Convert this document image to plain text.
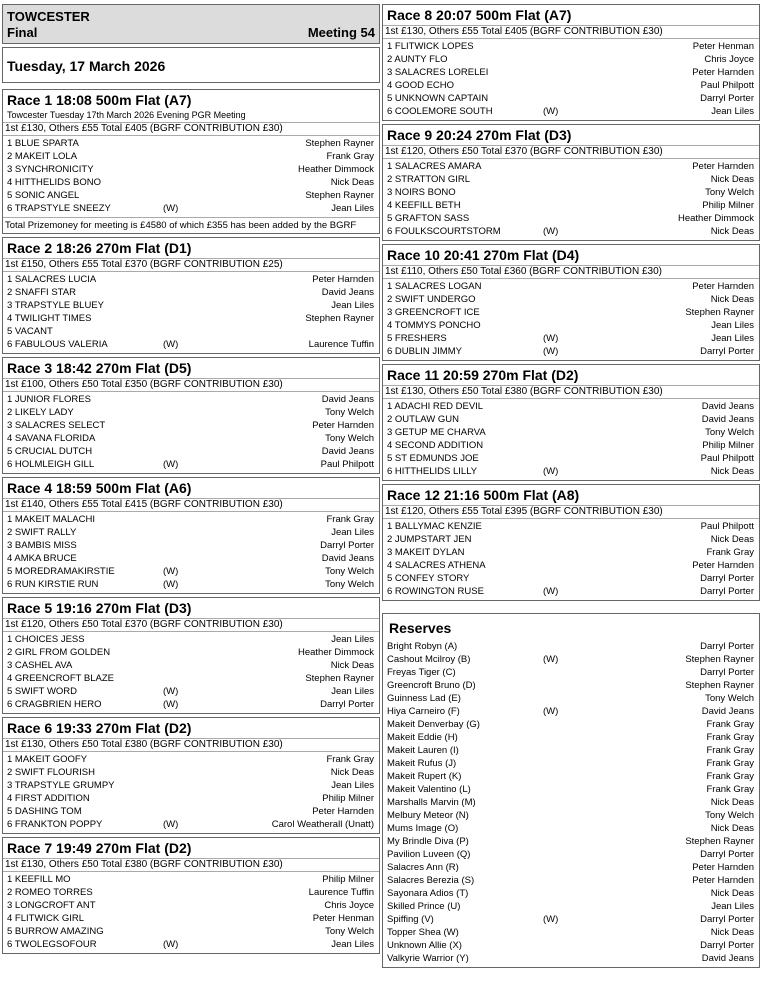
TOWCESTER
Final	Meeting 54
Tuesday, 17 March 2026
Race 1 18:08 500m Flat (A7)
Towcester Tuesday 17th March 2026 Evening PGR Meeting
1st £130, Others £55 Total £405 (BGRF CONTRIBUTION £30)
1 BLUE SPARTA	Stephen Rayner
2 MAKEIT LOLA	Frank Gray
3 SYNCHRONICITY	Heather Dimmock
4 HITTHELIDS BONO	Nick Deas
5 SONIC ANGEL	Stephen Rayner
6 TRAPSTYLE SNEEZY	(W)	Jean Liles
Total Prizemoney for meeting is £4580 of which £355 has been added by the BGRF
Race 2 18:26 270m Flat (D1)
1st £150, Others £55 Total £370 (BGRF CONTRIBUTION £25)
1 SALACRES LUCIA	Peter Harnden
2 SNAFFI STAR	David Jeans
3 TRAPSTYLE BLUEY	Jean Liles
4 TWILIGHT TIMES	Stephen Rayner
5 VACANT
6 FABULOUS VALERIA	(W)	Laurence Tuffin
Race 3 18:42 270m Flat (D5)
1st £100, Others £50 Total £350 (BGRF CONTRIBUTION £30)
1 JUNIOR FLORES	David Jeans
2 LIKELY LADY	Tony Welch
3 SALACRES SELECT	Peter Harnden
4 SAVANA FLORIDA	Tony Welch
5 CRUCIAL DUTCH	David Jeans
6 HOLMLEIGH GILL	(W)	Paul Philpott
Race 4 18:59 500m Flat (A6)
1st £140, Others £55 Total £415 (BGRF CONTRIBUTION £30)
1 MAKEIT MALACHI	Frank Gray
2 SWIFT RALLY	Jean Liles
3 BAMBIS MISS	Darryl Porter
4 AMKA BRUCE	David Jeans
5 MOREDRAMAKIRSTIE	(W)	Tony Welch
6 RUN KIRSTIE RUN	(W)	Tony Welch
Race 5 19:16 270m Flat (D3)
1st £120, Others £50 Total £370 (BGRF CONTRIBUTION £30)
1 CHOICES JESS	Jean Liles
2 GIRL FROM GOLDEN	Heather Dimmock
3 CASHEL AVA	Nick Deas
4 GREENCROFT BLAZE	Stephen Rayner
5 SWIFT WORD	(W)	Jean Liles
6 CRAGBRIEN HERO	(W)	Darryl Porter
Race 6 19:33 270m Flat (D2)
1st £130, Others £50 Total £380 (BGRF CONTRIBUTION £30)
1 MAKEIT GOOFY	Frank Gray
2 SWIFT FLOURISH	Nick Deas
3 TRAPSTYLE GRUMPY	Jean Liles
4 FIRST ADDITION	Philip Milner
5 DASHING TOM	Peter Harnden
6 FRANKTON POPPY	(W)	Carol Weatherall (Unatt)
Race 7 19:49 270m Flat (D2)
1st £130, Others £50 Total £380 (BGRF CONTRIBUTION £30)
1 KEEFILL MO	Philip Milner
2 ROMEO TORRES	Laurence Tuffin
3 LONGCROFT ANT	Chris Joyce
4 FLITWICK GIRL	Peter Henman
5 BURROW AMAZING	Tony Welch
6 TWOLEGSOFOUR	(W)	Jean Liles
Race 8 20:07 500m Flat (A7)
1st £130, Others £55 Total £405 (BGRF CONTRIBUTION £30)
1 FLITWICK LOPES	Peter Henman
2 AUNTY FLO	Chris Joyce
3 SALACRES LORELEI	Peter Harnden
4 GOOD ECHO	Paul Philpott
5 UNKNOWN CAPTAIN	Darryl Porter
6 COOLEMORE SOUTH	(W)	Jean Liles
Race 9 20:24 270m Flat (D3)
1st £120, Others £50 Total £370 (BGRF CONTRIBUTION £30)
1 SALACRES AMARA	Peter Harnden
2 STRATTON GIRL	Nick Deas
3 NOIRS BONO	Tony Welch
4 KEEFILL BETH	Philip Milner
5 GRAFTON SASS	Heather Dimmock
6 FOULKSCOURTSTORM	(W)	Nick Deas
Race 10 20:41 270m Flat (D4)
1st £110, Others £50 Total £360 (BGRF CONTRIBUTION £30)
1 SALACRES LOGAN	Peter Harnden
2 SWIFT UNDERGO	Nick Deas
3 GREENCROFT ICE	Stephen Rayner
4 TOMMYS PONCHO	Jean Liles
5 FRESHERS	(W)	Jean Liles
6 DUBLIN JIMMY	(W)	Darryl Porter
Race 11 20:59 270m Flat (D2)
1st £130, Others £50 Total £380 (BGRF CONTRIBUTION £30)
1 ADACHI RED DEVIL	David Jeans
2 OUTLAW GUN	David Jeans
3 GETUP ME CHARVA	Tony Welch
4 SECOND ADDITION	Philip Milner
5 ST EDMUNDS JOE	Paul Philpott
6 HITTHELIDS LILLY	(W)	Nick Deas
Race 12 21:16 500m Flat (A8)
1st £120, Others £55 Total £395 (BGRF CONTRIBUTION £30)
1 BALLYMAC KENZIE	Paul Philpott
2 JUMPSTART JEN	Nick Deas
3 MAKEIT DYLAN	Frank Gray
4 SALACRES ATHENA	Peter Harnden
5 CONFEY STORY	Darryl Porter
6 ROWINGTON RUSE	(W)	Darryl Porter
Reserves
Bright Robyn (A)	Darryl Porter
Cashout Mcilroy (B)	(W)	Stephen Rayner
Freyas Tiger (C)	Darryl Porter
Greencroft Bruno (D)	Stephen Rayner
Guinness Lad (E)	Tony Welch
Hiya Carneiro (F)	(W)	David Jeans
Makeit Denverbay (G)	Frank Gray
Makeit Eddie (H)	Frank Gray
Makeit Lauren (I)	Frank Gray
Makeit Rufus (J)	Frank Gray
Makeit Rupert (K)	Frank Gray
Makeit Valentino (L)	Frank Gray
Marshalls Marvin (M)	Nick Deas
Melbury Meteor (N)	Tony Welch
Mums Image (O)	Nick Deas
My Brindle Diva (P)	Stephen Rayner
Pavilion Luveen (Q)	Darryl Porter
Salacres Ann (R)	Peter Harnden
Salacres Berezia (S)	Peter Harnden
Sayonara Adios (T)	Nick Deas
Skilled Prince (U)	Jean Liles
Spiffing (V)	(W)	Darryl Porter
Topper Shea (W)	Nick Deas
Unknown Allie (X)	Darryl Porter
Valkyrie Warrior (Y)	David Jeans
